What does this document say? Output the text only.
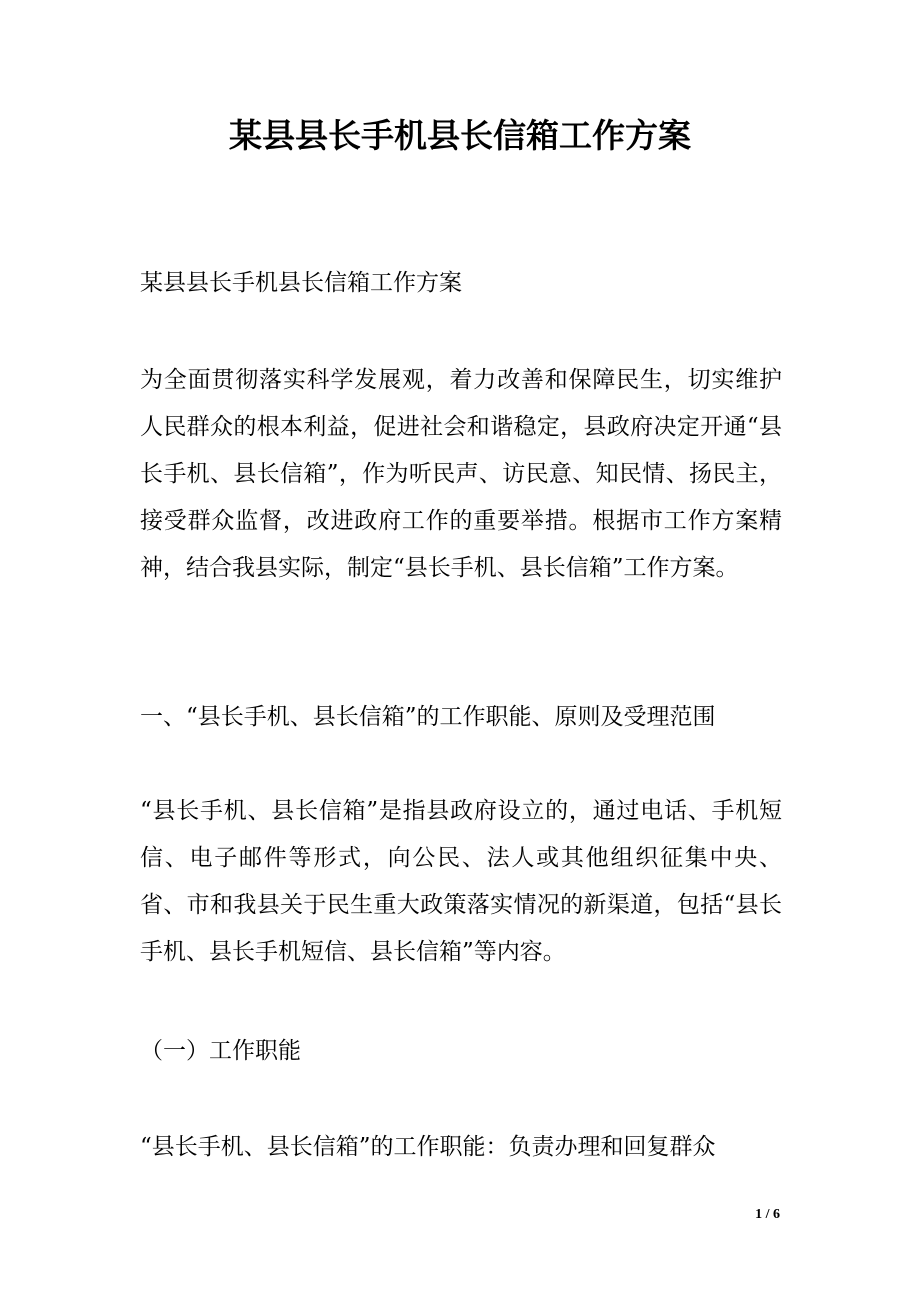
某县县长手机县长信箱工作方案

某县县长手机县长信箱工作方案

为全面贯彻落实科学发展观，着力改善和保障民生，切实维护人民群众的根本利益，促进社会和谐稳定，县政府决定开通“县长手机、县长信箱”，作为听民声、访民意、知民情、扬民主，接受群众监督，改进政府工作的重要举措。根据市工作方案精神，结合我县实际，制定“县长手机、县长信箱”工作方案。

一、“县长手机、县长信箱”的工作职能、原则及受理范围

“县长手机、县长信箱”是指县政府设立的，通过电话、手机短信、电子邮件等形式，向公民、法人或其他组织征集中央、省、市和我县关于民生重大政策落实情况的新渠道，包括“县长手机、县长手机短信、县长信箱”等内容。

（一）工作职能

“县长手机、县长信箱”的工作职能：负责办理和回复群众

1 / 6
